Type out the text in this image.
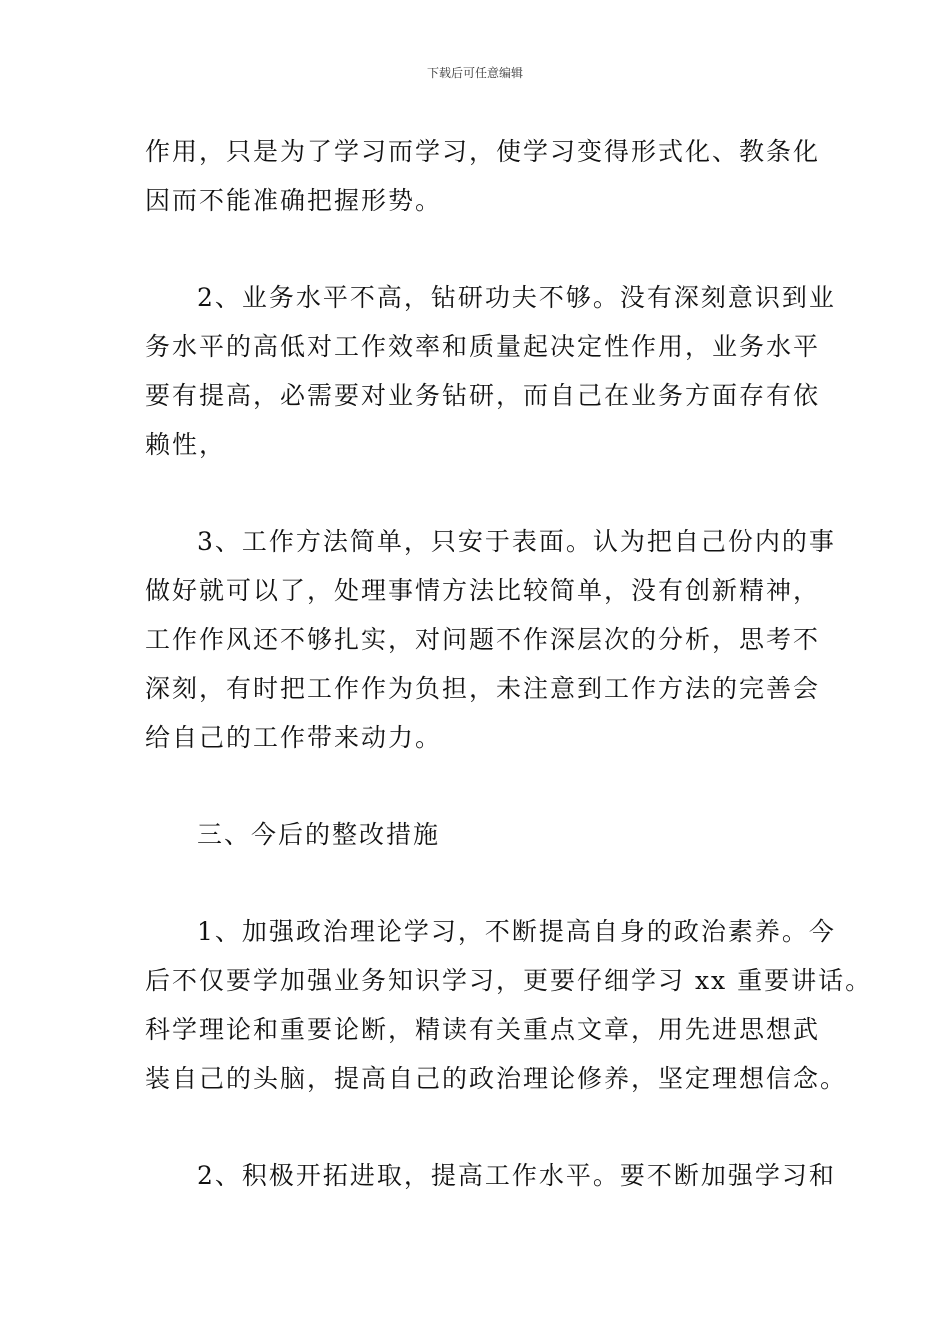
下载后可任意编辑

作用，只是为了学习而学习，使学习变得形式化、教条化
因而不能准确把握形势。

2、业务水平不高，钻研功夫不够。没有深刻意识到业
务水平的高低对工作效率和质量起决定性作用，业务水平
要有提高，必需要对业务钻研，而自己在业务方面存有依
赖性，

3、工作方法简单，只安于表面。认为把自己份内的事
做好就可以了，处理事情方法比较简单，没有创新精神，
工作作风还不够扎实，对问题不作深层次的分析，思考不
深刻，有时把工作作为负担，未注意到工作方法的完善会
给自己的工作带来动力。

三、今后的整改措施

1、加强政治理论学习，不断提高自身的政治素养。今
后不仅要学加强业务知识学习，更要仔细学习 xx 重要讲话。
科学理论和重要论断，精读有关重点文章，用先进思想武
装自己的头脑，提高自己的政治理论修养，坚定理想信念。

2、积极开拓进取，提高工作水平。要不断加强学习和
